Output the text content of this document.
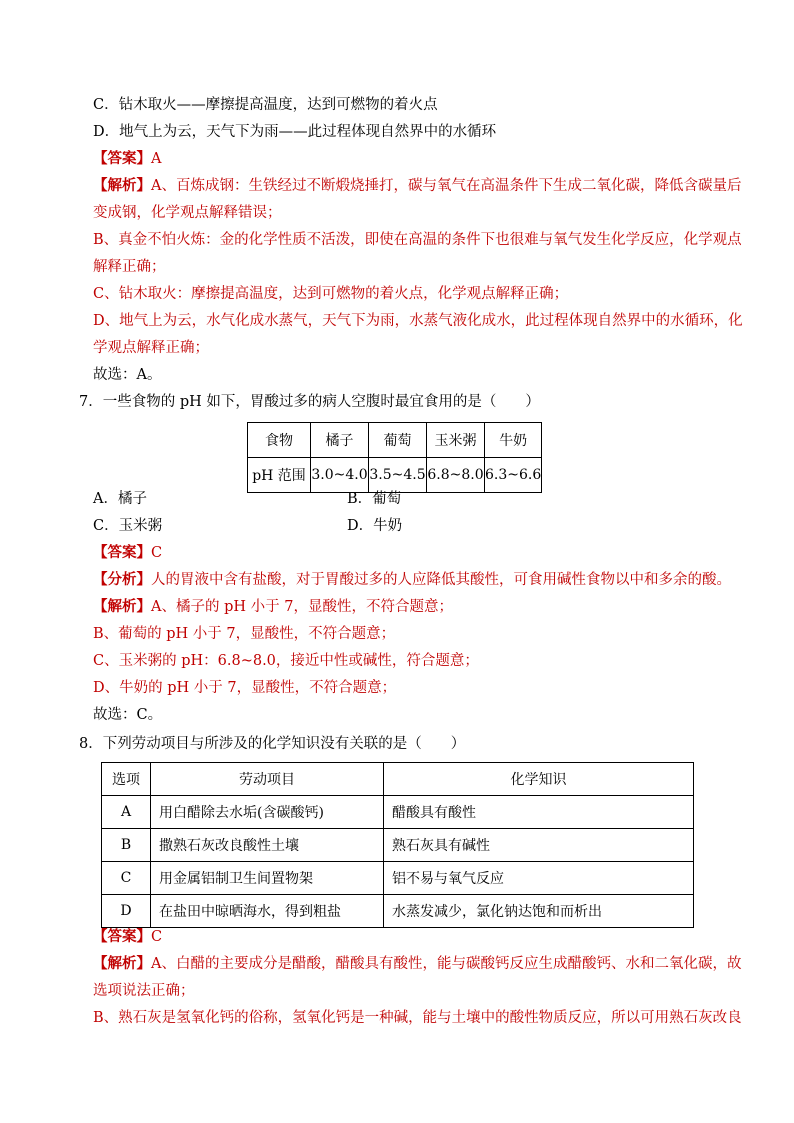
C．钻木取火——摩擦提高温度，达到可燃物的着火点
D．地气上为云，天气下为雨——此过程体现自然界中的水循环
【答案】A
【解析】A、百炼成钢：生铁经过不断煅烧捶打，碳与氧气在高温条件下生成二氧化碳，降低含碳量后
变成钢，化学观点解释错误；
B、真金不怕火炼：金的化学性质不活泼，即使在高温的条件下也很难与氧气发生化学反应，化学观点
解释正确；
C、钻木取火：摩擦提高温度，达到可燃物的着火点，化学观点解释正确；
D、地气上为云，水气化成水蒸气，天气下为雨，水蒸气液化成水，此过程体现自然界中的水循环，化
学观点解释正确；
故选：A。
7．一些食物的 pH 如下，胃酸过多的病人空腹时最宜食用的是（　　）
食物	橘子	葡萄	玉米粥	牛奶
pH 范围	3.0~4.0	3.5~4.5	6.8~8.0	6.3~6.6
A．橘子	B．葡萄
C．玉米粥	D．牛奶
【答案】C
【分析】人的胃液中含有盐酸，对于胃酸过多的人应降低其酸性，可食用碱性食物以中和多余的酸。
【解析】A、橘子的 pH 小于 7，显酸性，不符合题意；
B、葡萄的 pH 小于 7，显酸性，不符合题意；
C、玉米粥的 pH：6.8~8.0，接近中性或碱性，符合题意；
D、牛奶的 pH 小于 7，显酸性，不符合题意；
故选：C。
8．下列劳动项目与所涉及的化学知识没有关联的是（　　）
选项	劳动项目	化学知识
A	用白醋除去水垢(含碳酸钙)	醋酸具有酸性
B	撒熟石灰改良酸性土壤	熟石灰具有碱性
C	用金属铝制卫生间置物架	铝不易与氧气反应
D	在盐田中晾晒海水，得到粗盐	水蒸发减少，氯化钠达饱和而析出
【答案】C
【解析】A、白醋的主要成分是醋酸，醋酸具有酸性，能与碳酸钙反应生成醋酸钙、水和二氧化碳，故
选项说法正确；
B、熟石灰是氢氧化钙的俗称，氢氧化钙是一种碱，能与土壤中的酸性物质反应，所以可用熟石灰改良
